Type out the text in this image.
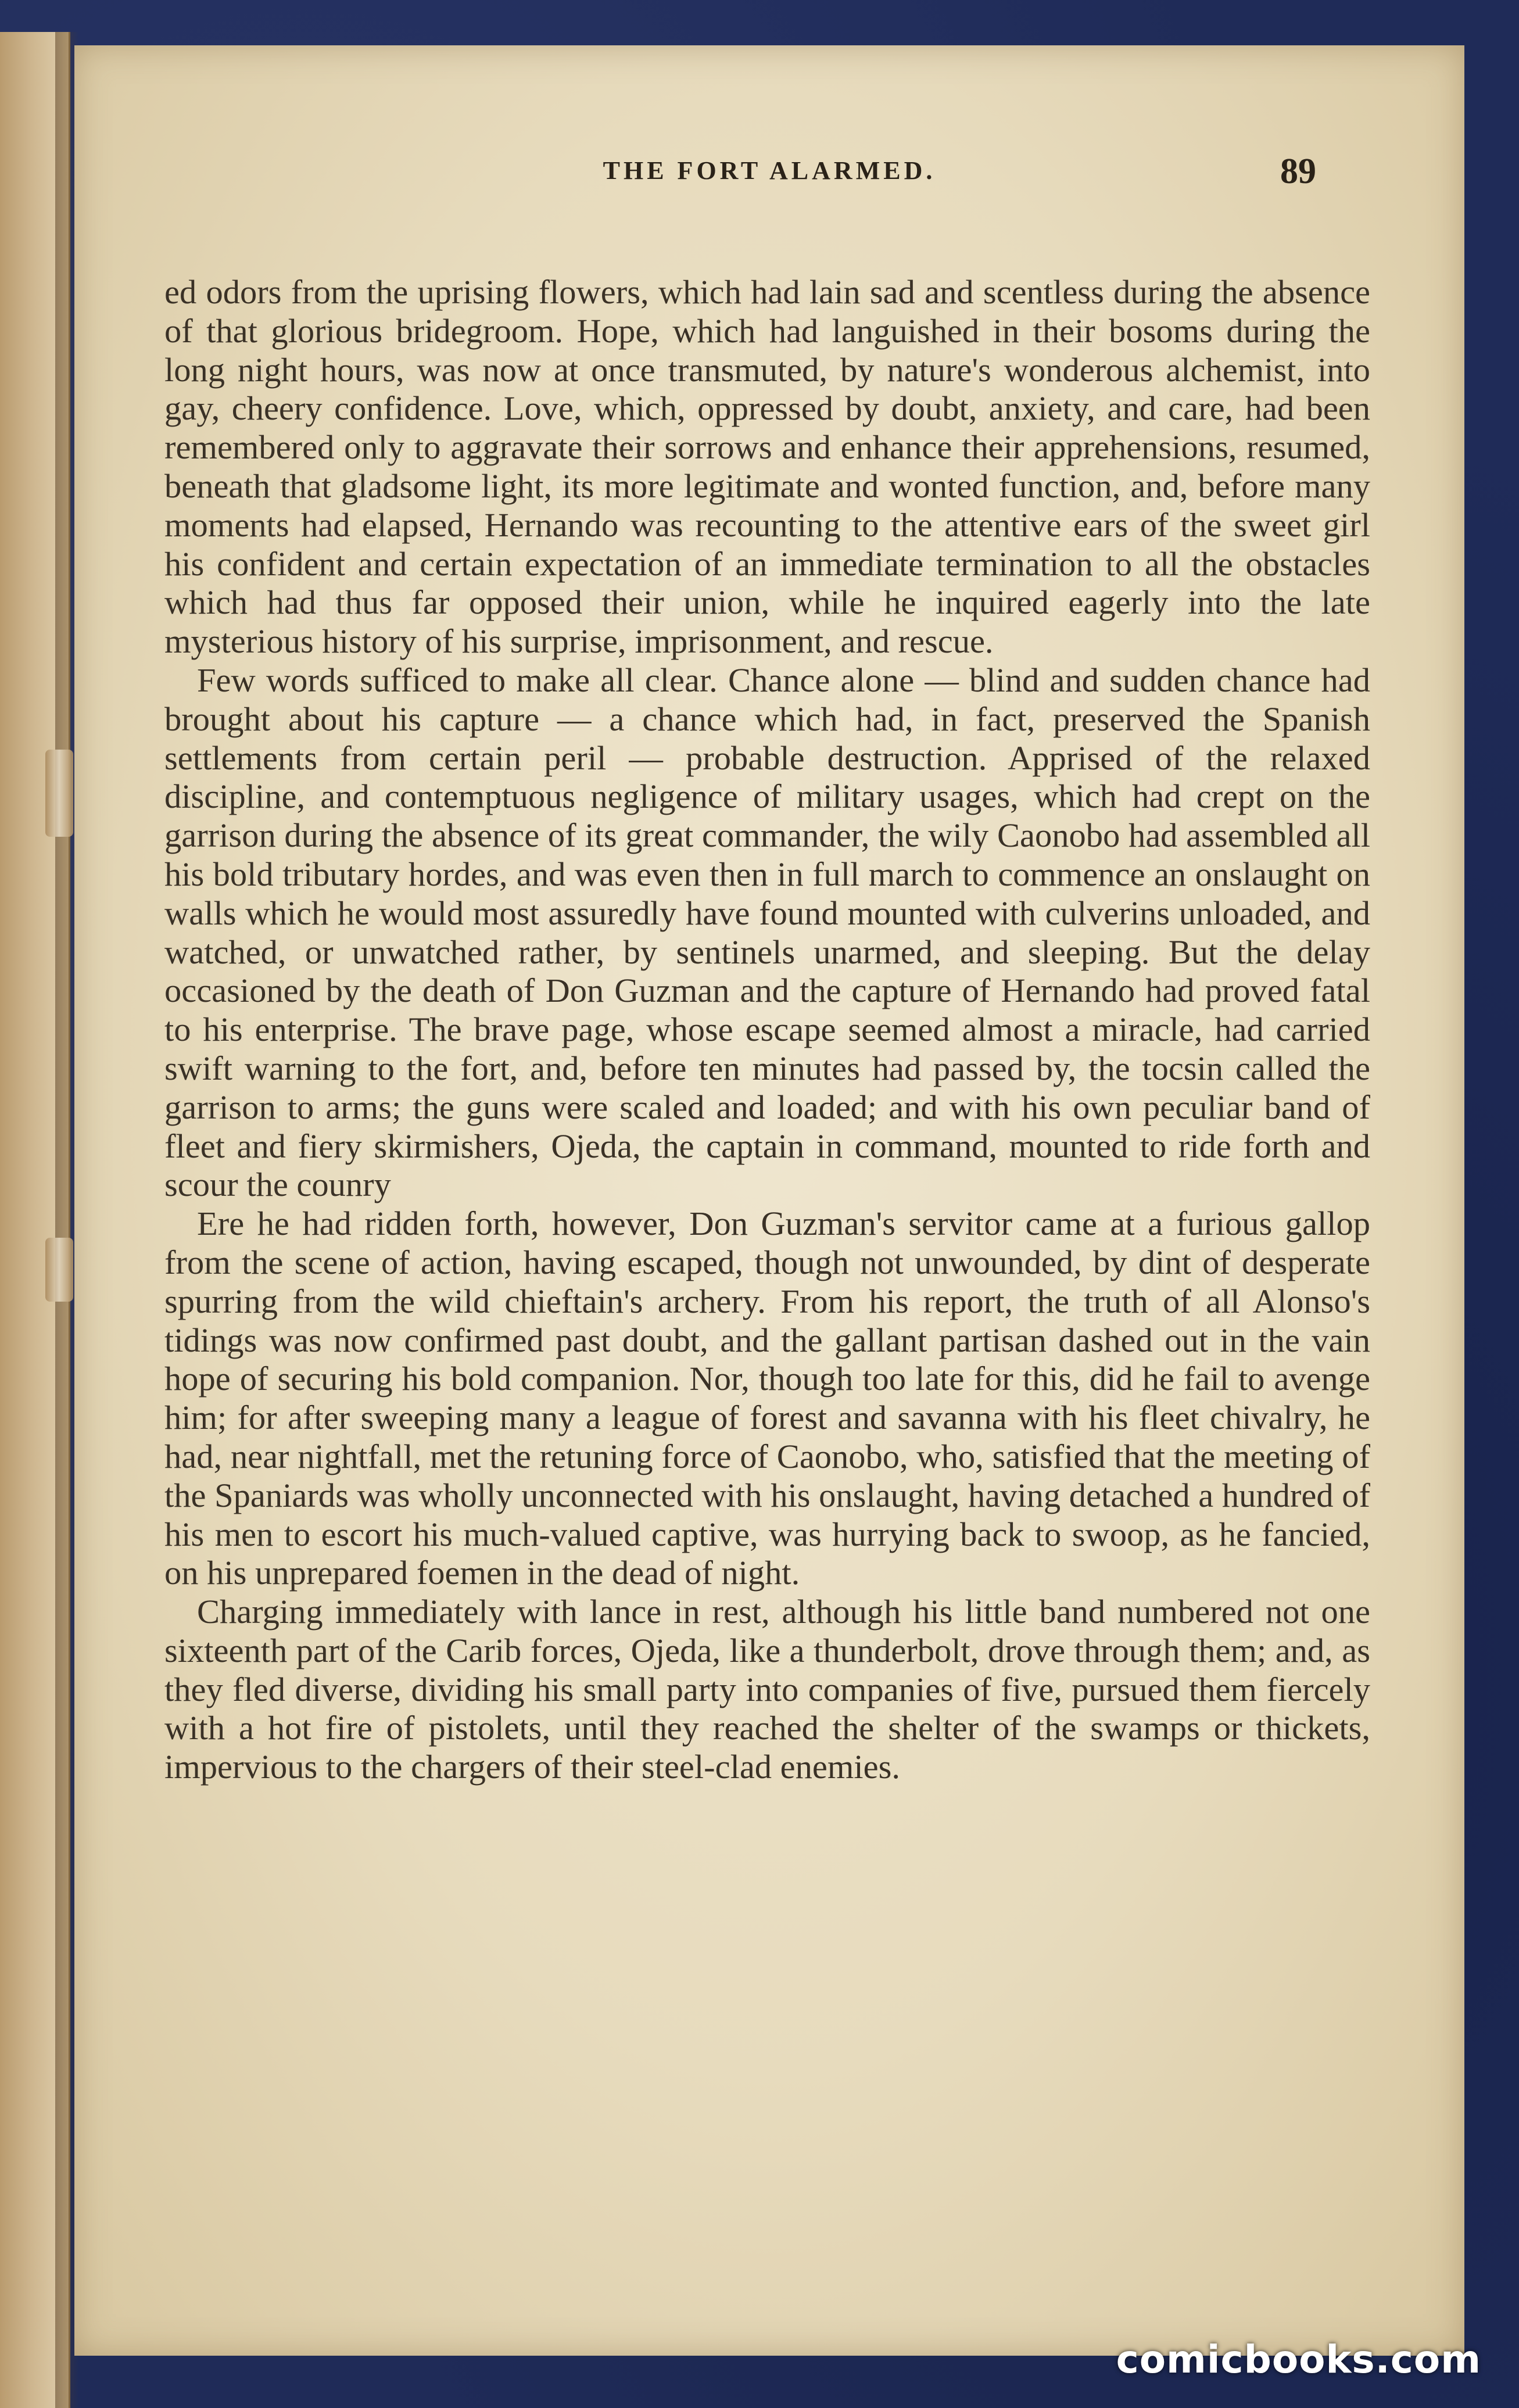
THE FORT ALARMED.	89

ed odors from the uprising flowers, which had lain sad and scentless during the absence of that glorious bridegroom. Hope, which had languished in their bosoms during the long night hours, was now at once transmuted, by nature's wonderous alchemist, into gay, cheery confidence. Love, which, oppressed by doubt, anxiety, and care, had been remembered only to aggravate their sorrows and enhance their apprehensions, resumed, beneath that gladsome light, its more legitimate and wonted function, and, before many moments had elapsed, Hernando was recounting to the attentive ears of the sweet girl his confident and certain expectation of an immediate termination to all the obstacles which had thus far opposed their union, while he inquired eagerly into the late mysterious history of his surprise, imprisonment, and rescue.

Few words sufficed to make all clear. Chance alone — blind and sudden chance had brought about his capture — a chance which had, in fact, preserved the Spanish settlements from certain peril — probable destruction. Apprised of the relaxed discipline, and contemptuous negligence of military usages, which had crept on the garrison during the absence of its great commander, the wily Caonobo had assembled all his bold tributary hordes, and was even then in full march to commence an onslaught on walls which he would most assuredly have found mounted with culverins unloaded, and watched, or unwatched rather, by sentinels unarmed, and sleeping. But the delay occasioned by the death of Don Guzman and the capture of Hernando had proved fatal to his enterprise. The brave page, whose escape seemed almost a miracle, had carried swift warning to the fort, and, before ten minutes had passed by, the tocsin called the garrison to arms; the guns were scaled and loaded; and with his own peculiar band of fleet and fiery skirmishers, Ojeda, the captain in command, mounted to ride forth and scour the counry

Ere he had ridden forth, however, Don Guzman's servitor came at a furious gallop from the scene of action, having escaped, though not unwounded, by dint of desperate spurring from the wild chieftain's archery. From his report, the truth of all Alonso's tidings was now confirmed past doubt, and the gallant partisan dashed out in the vain hope of securing his bold companion. Nor, though too late for this, did he fail to avenge him; for after sweeping many a league of forest and savanna with his fleet chivalry, he had, near nightfall, met the retuning force of Caonobo, who, satisfied that the meeting of the Spaniards was wholly unconnected with his onslaught, having detached a hundred of his men to escort his much-valued captive, was hurrying back to swoop, as he fancied, on his unprepared foemen in the dead of night.

Charging immediately with lance in rest, although his little band numbered not one sixteenth part of the Carib forces, Ojeda, like a thunderbolt, drove through them; and, as they fled diverse, dividing his small party into companies of five, pursued them fiercely with a hot fire of pistolets, until they reached the shelter of the swamps or thickets, impervious to the chargers of their steel-clad enemies.

comicbooks.com
